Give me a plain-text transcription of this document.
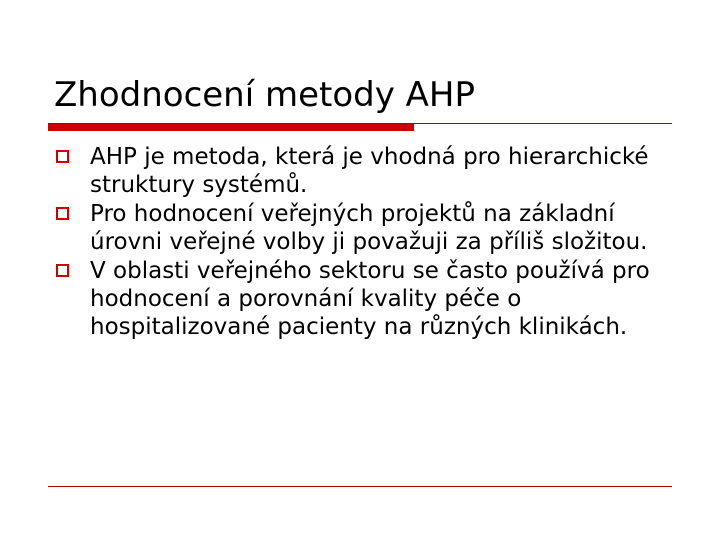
Zhodnocení metody AHP
AHP je metoda, která je vhodná pro hierarchické struktury systémů.
Pro hodnocení veřejných projektů na základní úrovni veřejné volby ji považuji za příliš složitou.
V oblasti veřejného sektoru se často používá pro hodnocení a porovnání kvality péče o hospitalizované pacienty na různých klinikách.
